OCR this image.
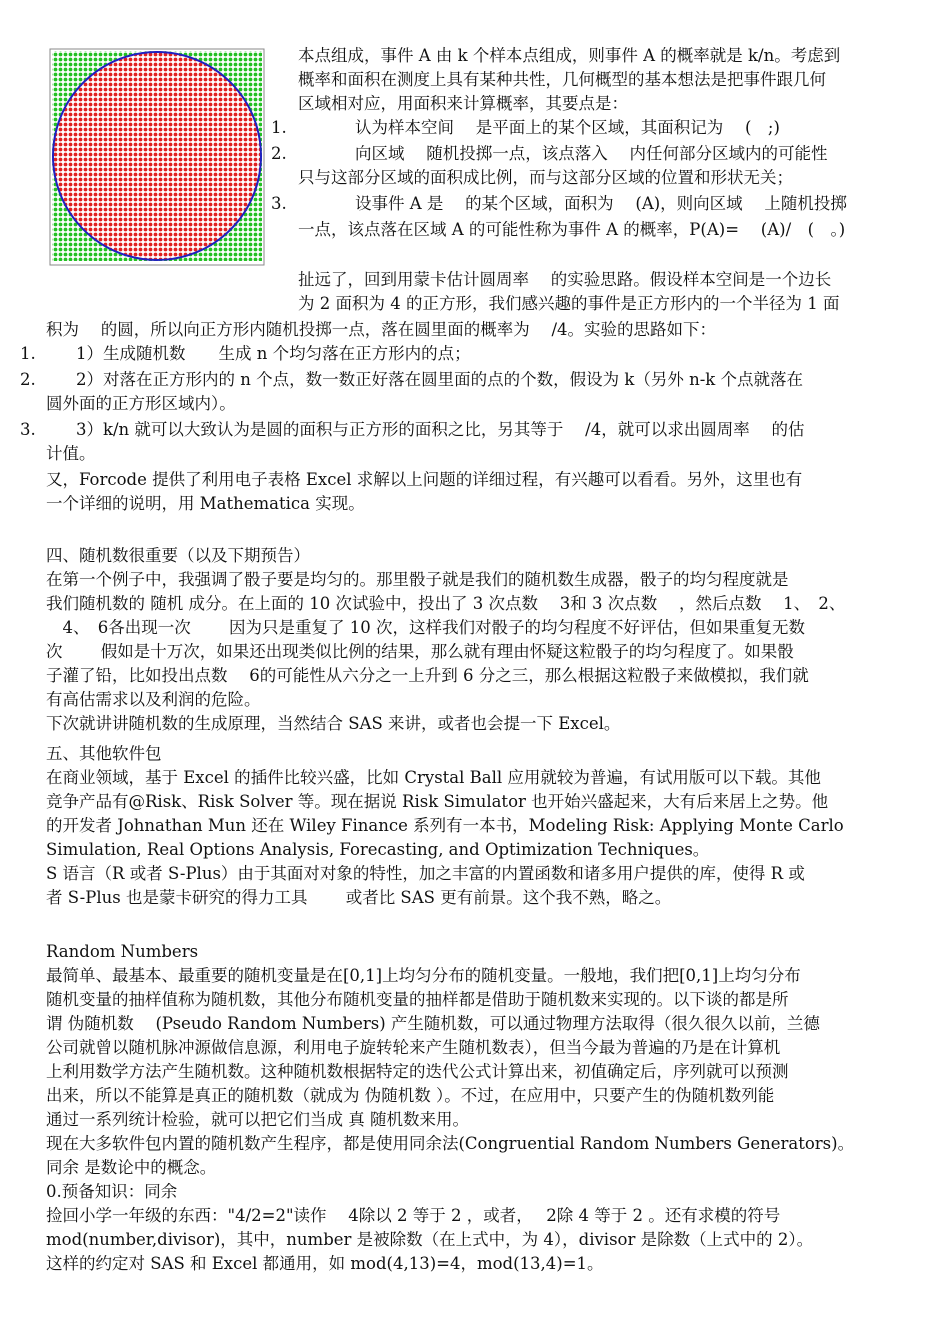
本点组成，事件 A 由 k 个样本点组成，则事件 A 的概率就是 k/n。考虑到
概率和面积在测度上具有某种共性，几何概型的基本想法是把事件跟几何
区域相对应，用面积来计算概率，其要点是：
1.	认为样本空间　 是平面上的某个区域，其面积记为　 (　;)
2.	向区域　 随机投掷一点，该点落入　 内任何部分区域内的可能性
只与这部分区域的面积成比例，而与这部分区域的位置和形状无关；
3.	设事件 A 是　 的某个区域，面积为　 (A)，则向区域　 上随机投掷
一点，该点落在区域 A 的可能性称为事件 A 的概率，P(A)=　 (A)/　(　。)
扯远了，回到用蒙卡估计圆周率　 的实验思路。假设样本空间是一个边长
为 2 面积为 4 的正方形，我们感兴趣的事件是正方形内的一个半径为 1 面
积为　 的圆，所以向正方形内随机投掷一点，落在圆里面的概率为　 /4。实验的思路如下：
1. 1）生成随机数　　生成 n 个均匀落在正方形内的点；
2. 2）对落在正方形内的 n 个点，数一数正好落在圆里面的点的个数，假设为 k（另外 n-k 个点就落在
圆外面的正方形区域内）。
3. 3）k/n 就可以大致认为是圆的面积与正方形的面积之比，另其等于　 /4，就可以求出圆周率　 的估
计值。
又，Forcode 提供了利用电子表格 Excel 求解以上问题的详细过程，有兴趣可以看看。另外，这里也有
一个详细的说明，用 Mathematica 实现。
四、随机数很重要（以及下期预告）
在第一个例子中，我强调了骰子要是均匀的。那里骰子就是我们的随机数生成器，骰子的均匀程度就是
我们随机数的 随机 成分。在上面的 10 次试验中，投出了 3 次点数　 3和 3 次点数　 ，然后点数　 1、　2、
　4、　6各出现一次　　 因为只是重复了 10 次，这样我们对骰子的均匀程度不好评估，但如果重复无数
次　　 假如是十万次，如果还出现类似比例的结果，那么就有理由怀疑这粒骰子的均匀程度了。如果骰
子灌了铅，比如投出点数　 6的可能性从六分之一上升到 6 分之三，那么根据这粒骰子来做模拟，我们就
有高估需求以及利润的危险。
下次就讲讲随机数的生成原理，当然结合 SAS 来讲，或者也会提一下 Excel。
五、其他软件包
在商业领域，基于 Excel 的插件比较兴盛，比如 Crystal Ball 应用就较为普遍，有试用版可以下载。其他
竞争产品有@Risk、Risk Solver 等。现在据说 Risk Simulator 也开始兴盛起来，大有后来居上之势。他
的开发者 Johnathan Mun 还在 Wiley Finance 系列有一本书，Modeling Risk: Applying Monte Carlo
Simulation, Real Options Analysis, Forecasting, and Optimization Techniques。
S 语言（R 或者 S-Plus）由于其面对对象的特性，加之丰富的内置函数和诸多用户提供的库，使得 R 或
者 S-Plus 也是蒙卡研究的得力工具　　 或者比 SAS 更有前景。这个我不熟，略之。
Random Numbers
最简单、最基本、最重要的随机变量是在[0,1]上均匀分布的随机变量。一般地，我们把[0,1]上均匀分布
随机变量的抽样值称为随机数，其他分布随机变量的抽样都是借助于随机数来实现的。以下谈的都是所
谓 伪随机数　 (Pseudo Random Numbers) 产生随机数，可以通过物理方法取得（很久很久以前，兰德
公司就曾以随机脉冲源做信息源，利用电子旋转轮来产生随机数表），但当今最为普遍的乃是在计算机
上利用数学方法产生随机数。这种随机数根据特定的迭代公式计算出来，初值确定后，序列就可以预测
出来，所以不能算是真正的随机数（就成为 伪随机数 ）。不过，在应用中，只要产生的伪随机数列能
通过一系列统计检验，就可以把它们当成 真 随机数来用。
现在大多软件包内置的随机数产生程序，都是使用同余法(Congruential Random Numbers Generators)。
同余 是数论中的概念。
0.预备知识：同余
捡回小学一年级的东西："4/2=2"读作　 4除以 2 等于 2 ，或者，　 2除 4 等于 2 。还有求模的符号
mod(number,divisor)，其中，number 是被除数（在上式中，为 4），divisor 是除数（上式中的 2）。
这样的约定对 SAS 和 Excel 都通用，如 mod(4,13)=4，mod(13,4)=1。
